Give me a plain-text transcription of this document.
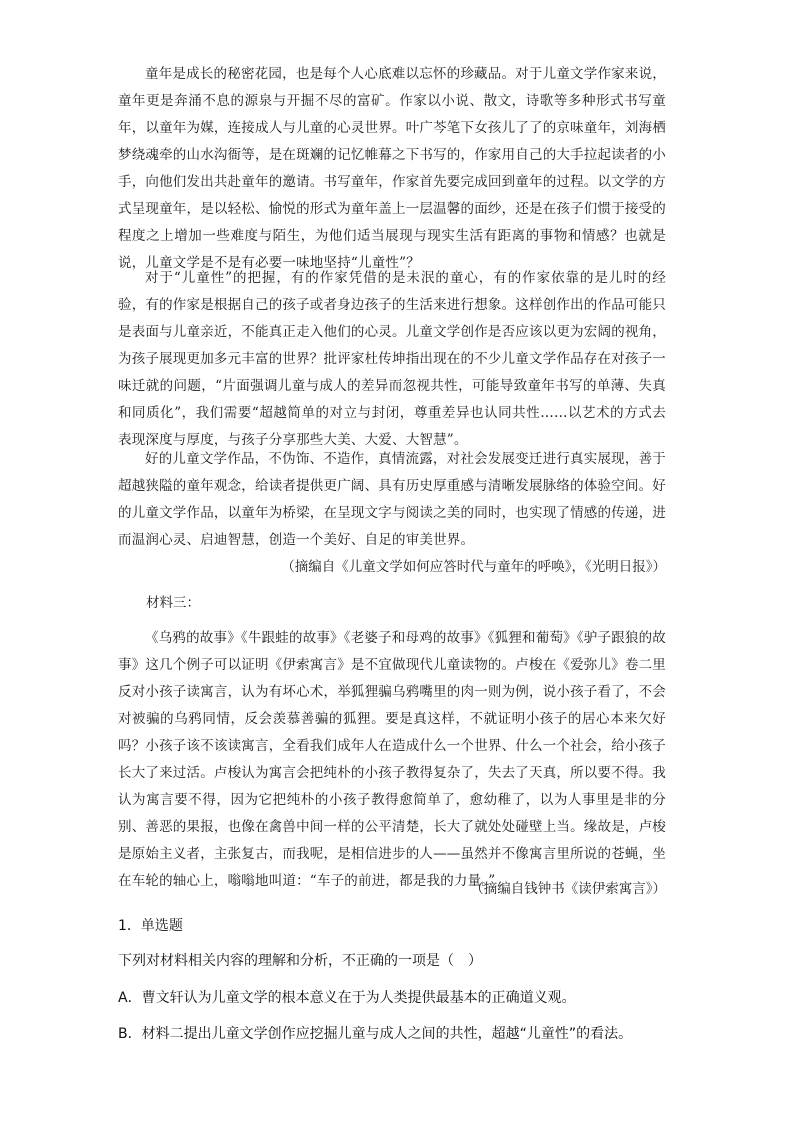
童年是成长的秘密花园，也是每个人心底难以忘怀的珍藏品。对于儿童文学作家来说，童年更是奔涌不息的源泉与开掘不尽的富矿。作家以小说、散文，诗歌等多种形式书写童年，以童年为媒，连接成人与儿童的心灵世界。叶广芩笔下女孩儿了了的京味童年，刘海栖梦绕魂牵的山水沟衙等，是在斑斓的记忆帷幕之下书写的，作家用自己的大手拉起读者的小手，向他们发出共赴童年的邀请。书写童年，作家首先要完成回到童年的过程。以文学的方式呈现童年，是以轻松、愉悦的形式为童年盖上一层温馨的面纱，还是在孩子们惯于接受的程度之上增加一些难度与陌生，为他们适当展现与现实生活有距离的事物和情感？也就是说，儿童文学是不是有必要一味地坚持“儿童性”？

对于“儿童性”的把握，有的作家凭借的是未泯的童心，有的作家依靠的是儿时的经验，有的作家是根据自己的孩子或者身边孩子的生活来进行想象。这样创作出的作品可能只是表面与儿童亲近，不能真正走入他们的心灵。儿童文学创作是否应该以更为宏阔的视角，为孩子展现更加多元丰富的世界？批评家杜传坤指出现在的不少儿童文学作品存在对孩子一味迁就的问题，“片面强调儿童与成人的差异而忽视共性，可能导致童年书写的单薄、失真和同质化”，我们需要“超越简单的对立与封闭，尊重差异也认同共性……以艺术的方式去表现深度与厚度，与孩子分享那些大美、大爱、大智慧”。

好的儿童文学作品，不伪饰、不造作，真情流露，对社会发展变迁进行真实展现，善于超越狭隘的童年观念，给读者提供更广阔、具有历史厚重感与清晰发展脉络的体验空间。好的儿童文学作品，以童年为桥梁，在呈现文字与阅读之美的同时，也实现了情感的传递，进而温润心灵、启迪智慧，创造一个美好、自足的审美世界。

（摘编自《儿童文学如何应答时代与童年的呼唤》，《光明日报》）
材料三：

《乌鸦的故事》《牛跟蛙的故事》《老婆子和母鸡的故事》《狐狸和葡萄》《驴子跟狼的故事》这几个例子可以证明《伊索寓言》是不宜做现代儿童读物的。卢梭在《爱弥儿》卷二里反对小孩子读寓言，认为有坏心术，举狐狸骗乌鸦嘴里的肉一则为例，说小孩子看了，不会对被骗的乌鸦同情，反会羡慕善骗的狐狸。要是真这样，不就证明小孩子的居心本来欠好吗？小孩子该不该读寓言，全看我们成年人在造成什么一个世界、什么一个社会，给小孩子长大了来过活。卢梭认为寓言会把纯朴的小孩子教得复杂了，失去了天真，所以要不得。我认为寓言要不得，因为它把纯朴的小孩子教得愈简单了，愈幼稚了，以为人事里是非的分别、善恶的果报，也像在禽兽中间一样的公平清楚，长大了就处处碰壁上当。缘故是，卢梭是原始主义者，主张复古，而我呢，是相信进步的人——虽然并不像寓言里所说的苍蝇，坐在车轮的轴心上，嗡嗡地叫道：“车子的前进，都是我的力量。”

（摘编自钱钟书《读伊索寓言》）
1．单选题
下列对材料相关内容的理解和分析，不正确的一项是（　）
A．曹文轩认为儿童文学的根本意义在于为人类提供最基本的正确道义观。
B．材料二提出儿童文学创作应挖掘儿童与成人之间的共性，超越“儿童性”的看法。
